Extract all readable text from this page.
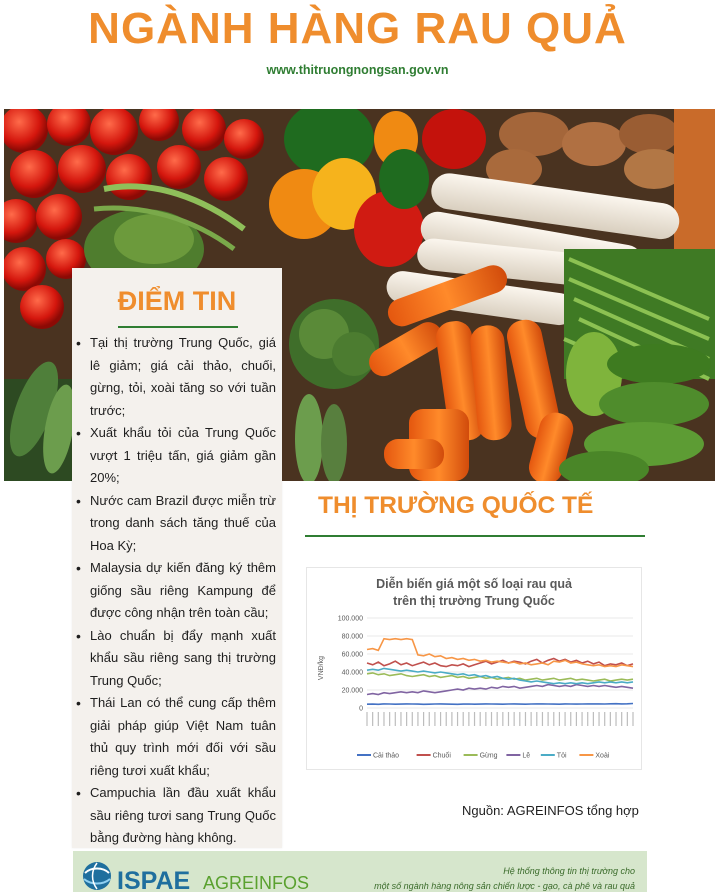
NGÀNH HÀNG RAU QUẢ
www.thitruongnongsan.gov.vn
ĐIỂM TIN
• Tại thị trường Trung Quốc, giá lê giảm; giá cải thảo, chuối, gừng, tỏi, xoài tăng so với tuần trước;
• Xuất khẩu tỏi của Trung Quốc vượt 1 triệu tấn, giá giảm gần 20%;
• Nước cam Brazil được miễn trừ trong danh sách tăng thuế của Hoa Kỳ;
• Malaysia dự kiến đăng ký thêm giống sầu riêng Kampung để được công nhận trên toàn cầu;
• Lào chuẩn bị đẩy mạnh xuất khẩu sầu riêng sang thị trường Trung Quốc;
• Thái Lan có thể cung cấp thêm giải pháp giúp Việt Nam tuân thủ quy trình mới đối với sầu riêng tươi xuất khẩu;
• Campuchia lần đầu xuất khẩu sầu riêng tươi sang Trung Quốc bằng đường hàng không.
THỊ TRƯỜNG QUỐC TẾ
Diễn biến giá một số loại rau quả
trên thị trường Trung Quốc
VNĐ/kg
0
20.000
40.000
60.000
80.000
100.000
Cải thảo	Chuối	Gừng	Lê	Tỏi	Xoài
Nguồn: AGREINFOS tổng hợp
ISPAE AGREINFOS
Hệ thống thông tin thị trường cho
một số ngành hàng nông sản chiến lược - gạo, cà phê và rau quả
